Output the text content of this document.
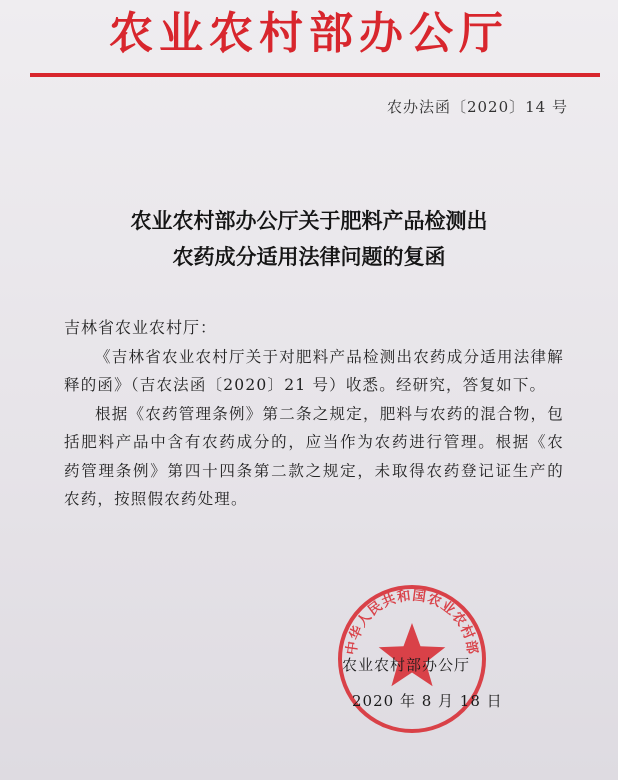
农业农村部办公厅
农办法函〔2020〕14 号
农业农村部办公厅关于肥料产品检测出
农药成分适用法律问题的复函
吉林省农业农村厅：

《吉林省农业农村厅关于对肥料产品检测出农药成分适用法律解释的函》（吉农法函〔2020〕21 号）收悉。经研究，答复如下。

根据《农药管理条例》第二条之规定，肥料与农药的混合物，包括肥料产品中含有农药成分的，应当作为农药进行管理。根据《农药管理条例》第四十四条第二款之规定，未取得农药登记证生产的农药，按照假农药处理。

中华人民共和国农业农村部
农业农村部办公厅
2020 年 8 月 18 日
